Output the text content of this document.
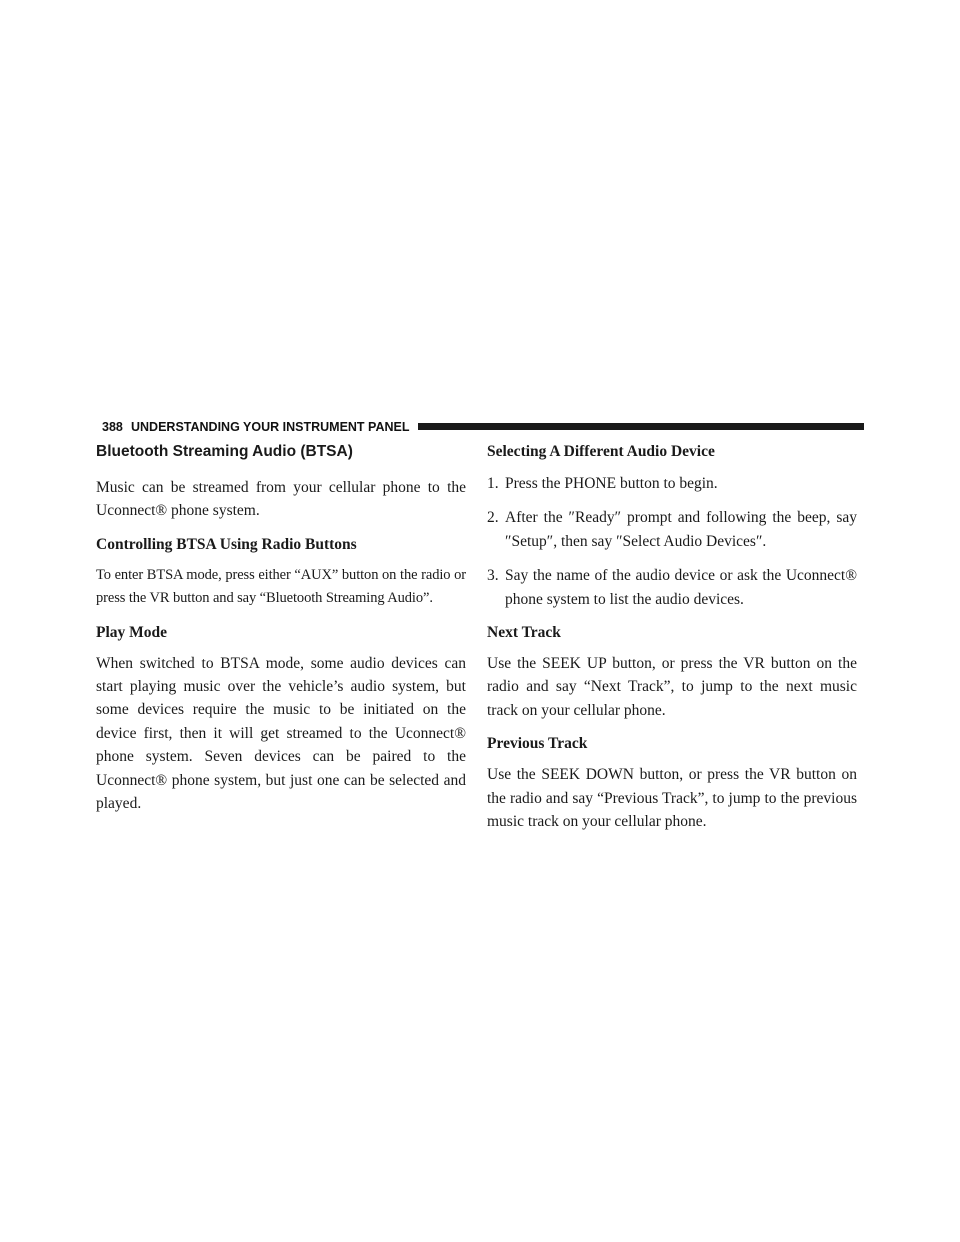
388 UNDERSTANDING YOUR INSTRUMENT PANEL
Bluetooth Streaming Audio (BTSA)

Music can be streamed from your cellular phone to the Uconnect® phone system.

Controlling BTSA Using Radio Buttons

To enter BTSA mode, press either “AUX” button on the radio or press the VR button and say “Bluetooth Streaming Audio”.

Play Mode

When switched to BTSA mode, some audio devices can start playing music over the vehicle’s audio system, but some devices require the music to be initiated on the device first, then it will get streamed to the Uconnect® phone system. Seven devices can be paired to the Uconnect® phone system, but just one can be selected and played.

Selecting A Different Audio Device
1. Press the PHONE button to begin.
2. After the ″Ready″ prompt and following the beep, say ″Setup″, then say ″Select Audio Devices″.
3. Say the name of the audio device or ask the Uconnect® phone system to list the audio devices.
Next Track

Use the SEEK UP button, or press the VR button on the radio and say “Next Track”, to jump to the next music track on your cellular phone.

Previous Track

Use the SEEK DOWN button, or press the VR button on the radio and say “Previous Track”, to jump to the previous music track on your cellular phone.
